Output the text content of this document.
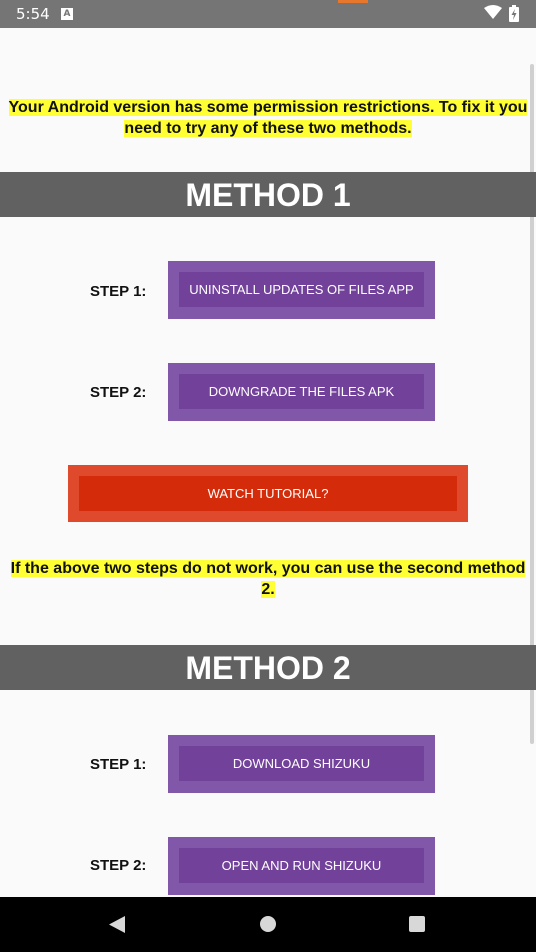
5:54 A
Your Android version has some permission restrictions. To fix it you need to try any of these two methods.
METHOD 1
STEP 1:	UNINSTALL UPDATES OF FILES APP
STEP 2:	DOWNGRADE THE FILES APK
WATCH TUTORIAL?
If the above two steps do not work, you can use the second method 2.
METHOD 2
STEP 1:	DOWNLOAD SHIZUKU
STEP 2:	OPEN AND RUN SHIZUKU
